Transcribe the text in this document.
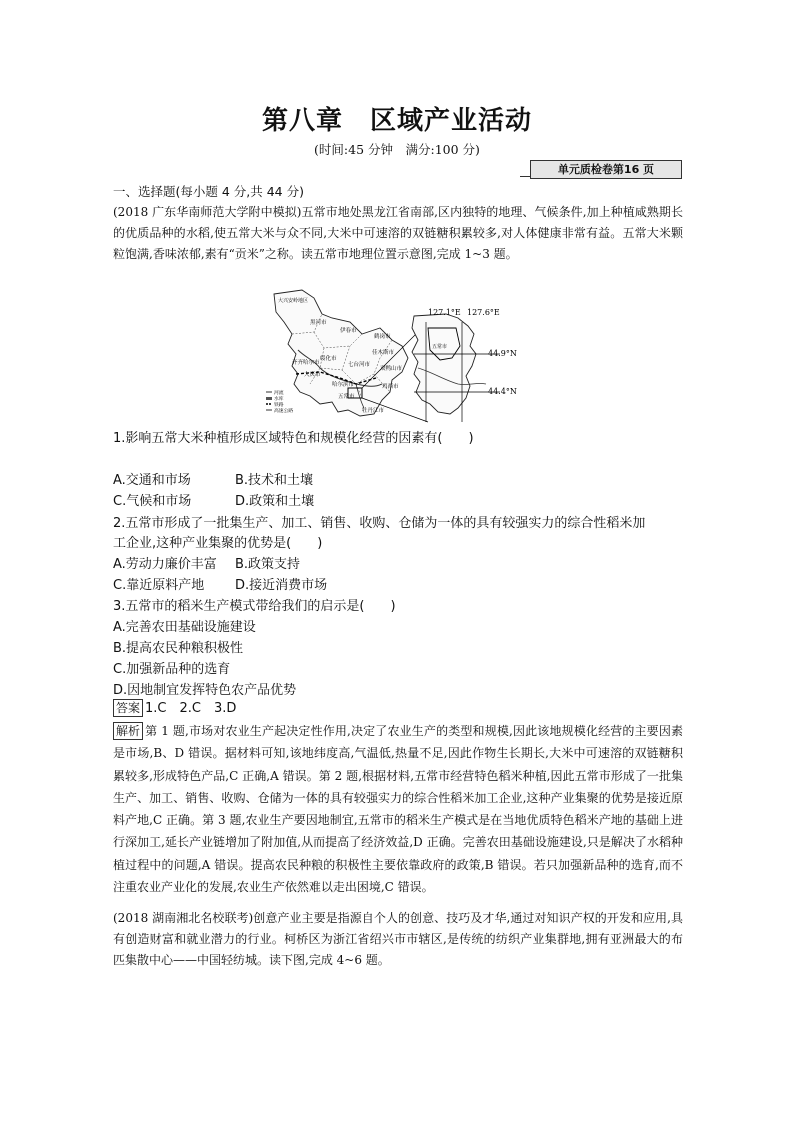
第八章　区域产业活动
(时间:45 分钟　满分:100 分)
单元质检卷第16 页
一、选择题(每小题 4 分,共 44 分)
(2018 广东华南师范大学附中模拟)五常市地处黑龙江省南部,区内独特的地理、气候条件,加上种植咸熟期长的优质品种的水稻,使五常大米与众不同,大米中可速溶的双链糖积累较多,对人体健康非常有益。五常大米颗粒饱满,香味浓郁,素有“贡米”之称。读五常市地理位置示意图,完成 1~3 题。
大兴安岭地区
黑河市
伊春市
鹤岗市
齐齐哈尔市
绥化市
佳木斯市
大庆市
七台河市
哈尔滨市
双鸭山市
鸡西市
牡丹江市
五常市
河流
水库
铁路
高速公路
127.1°E 127.6°E
44.9°N
44.4°N
五常市
1.影响五常大米种植形成区域特色和规模化经营的因素有(　　)
A.交通和市场	B.技术和土壤
C.气候和市场	D.政策和土壤
2.五常市形成了一批集生产、加工、销售、收购、仓储为一体的具有较强实力的综合性稻米加
工企业,这种产业集聚的优势是(　　)
A.劳动力廉价丰富 B.政策支持
C.靠近原料产地 D.接近消费市场
3.五常市的稻米生产模式带给我们的启示是(　　)
A.完善农田基础设施建设
B.提高农民种粮积极性
C.加强新品种的选育
D.因地制宜发挥特色农产品优势
答案 1.C　2.C　3.D
解析 第 1 题,市场对农业生产起决定性作用,决定了农业生产的类型和规模,因此该地规模化经营的主要因素是市场,B、D 错误。据材料可知,该地纬度高,气温低,热量不足,因此作物生长期长,大米中可速溶的双链糖积累较多,形成特色产品,C 正确,A 错误。第 2 题,根据材料,五常市经营特色稻米种植,因此五常市形成了一批集生产、加工、销售、收购、仓储为一体的具有较强实力的综合性稻米加工企业,这种产业集聚的优势是接近原料产地,C 正确。第 3 题,农业生产要因地制宜,五常市的稻米生产模式是在当地优质特色稻米产地的基础上进行深加工,延长产业链增加了附加值,从而提高了经济效益,D 正确。完善农田基础设施建设,只是解决了水稻种植过程中的问题,A 错误。提高农民种粮的积极性主要依靠政府的政策,B 错误。若只加强新品种的选育,而不注重农业产业化的发展,农业生产依然难以走出困境,C 错误。
(2018 湖南湘北名校联考)创意产业主要是指源自个人的创意、技巧及才华,通过对知识产权的开发和应用,具有创造财富和就业潜力的行业。柯桥区为浙江省绍兴市市辖区,是传统的纺织产业集群地,拥有亚洲最大的布匹集散中心——中国轻纺城。读下图,完成 4~6 题。
